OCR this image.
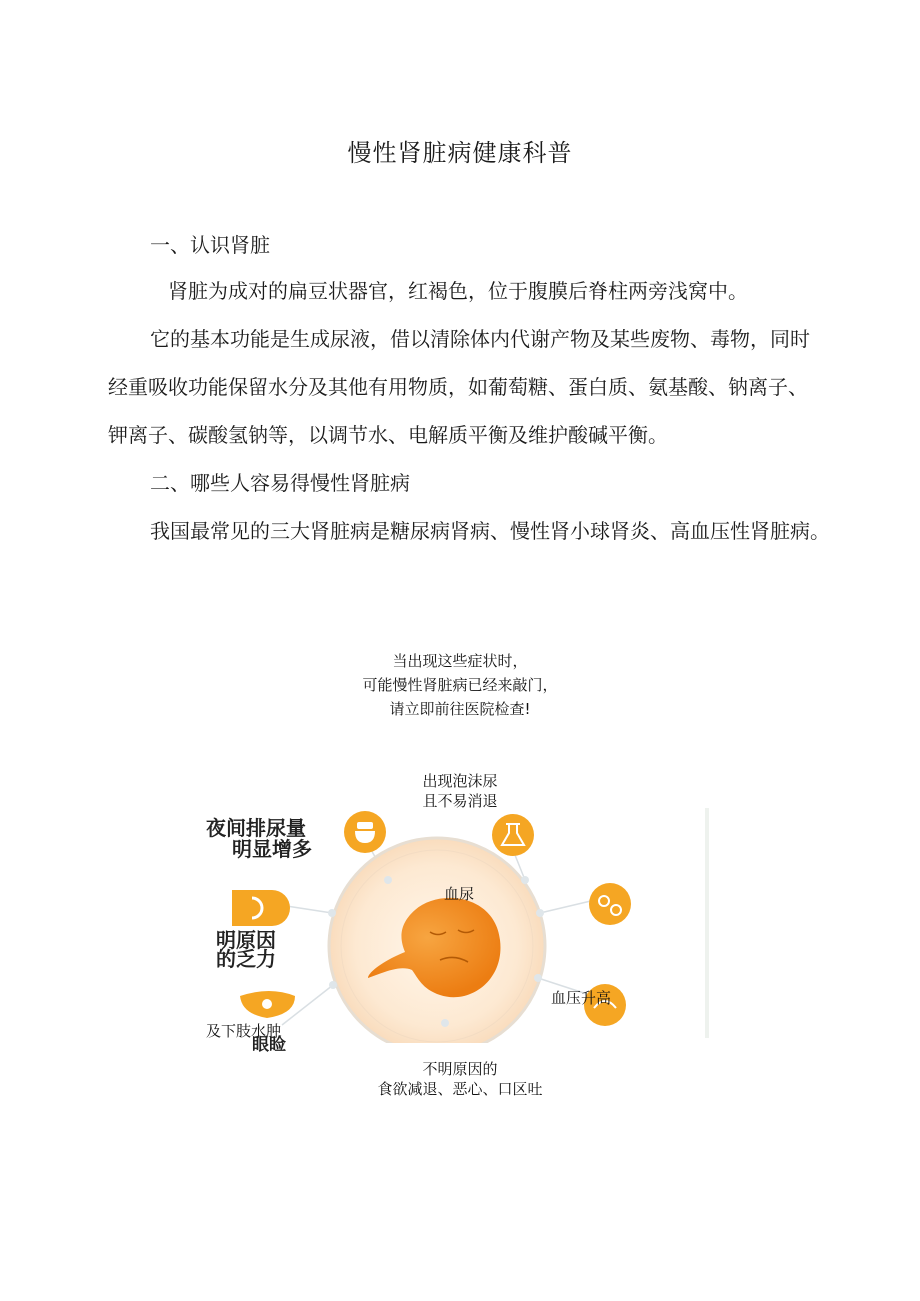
慢性肾脏病健康科普
一、认识肾脏
肾脏为成对的扁豆状器官，红褐色，位于腹膜后脊柱两旁浅窝中。
它的基本功能是生成尿液，借以清除体内代谢产物及某些废物、毒物，同时
经重吸收功能保留水分及其他有用物质，如葡萄糖、蛋白质、氨基酸、钠离子、
钾离子、碳酸氢钠等，以调节水、电解质平衡及维护酸碱平衡。
二、哪些人容易得慢性肾脏病
我国最常见的三大肾脏病是糖尿病肾病、慢性肾小球肾炎、高血压性肾脏病。
当出现这些症状时，
可能慢性肾脏病已经来敲门，
请立即前往医院检查!
出现泡沫尿
且不易消退
夜间排尿量
明显增多
血尿
明原因
的乏力
血压升高
及下肢水肿
眼睑
不明原因的
食欲减退、恶心、口区吐
